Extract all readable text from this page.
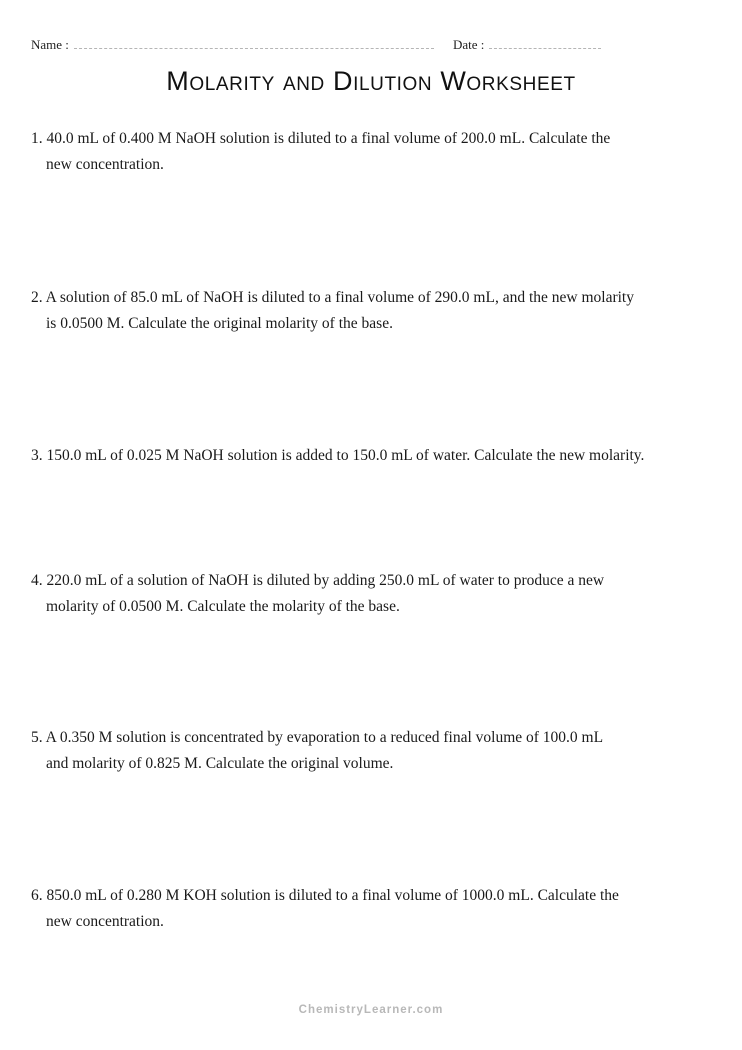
Name :	Date :
Molarity and Dilution Worksheet
1. 40.0 mL of 0.400 M NaOH solution is diluted to a final volume of 200.0 mL. Calculate the
new concentration.
2. A solution of 85.0 mL of NaOH is diluted to a final volume of 290.0 mL, and the new molarity
is 0.0500 M. Calculate the original molarity of the base.
3. 150.0 mL of 0.025 M NaOH solution is added to 150.0 mL of water. Calculate the new molarity.
4. 220.0 mL of a solution of NaOH is diluted by adding 250.0 mL of water to produce a new
molarity of 0.0500 M. Calculate the molarity of the base.
5. A 0.350 M solution is concentrated by evaporation to a reduced final volume of 100.0 mL
and molarity of 0.825 M. Calculate the original volume.
6. 850.0 mL of 0.280 M KOH solution is diluted to a final volume of 1000.0 mL. Calculate the
new concentration.
ChemistryLearner.com
